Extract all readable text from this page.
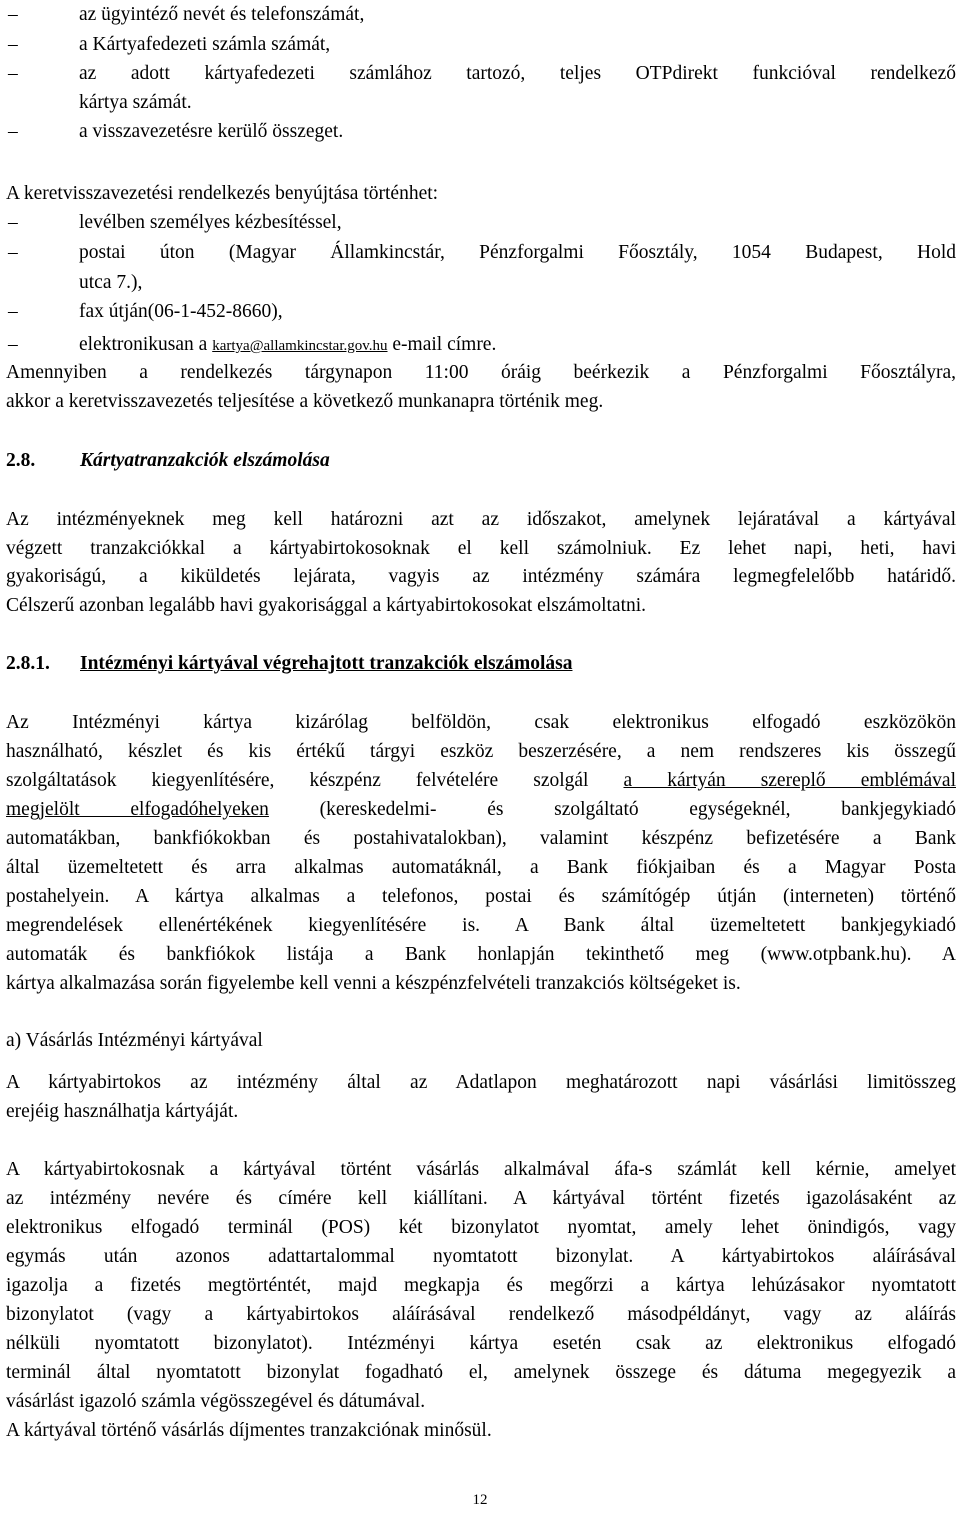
–	az ügyintéző nevét és telefonszámát,
–	a Kártyafedezeti számla számát,
–	az adott kártyafedezeti számlához tartozó, teljes OTPdirekt funkcióval rendelkező
kártya számát.
–	a visszavezetésre kerülő összeget.
A keretvisszavezetési rendelkezés benyújtása történhet:
–	levélben személyes kézbesítéssel,
–	postai úton (Magyar Államkincstár, Pénzforgalmi Főosztály, 1054 Budapest, Hold
utca 7.),
–	fax útján(06-1-452-8660),
–	elektronikusan a kartya@allamkincstar.gov.hu e-mail címre.
Amennyiben a rendelkezés tárgynapon 11:00 óráig beérkezik a Pénzforgalmi Főosztályra,
akkor a keretvisszavezetés teljesítése a következő munkanapra történik meg.
2.8. Kártyatranzakciók elszámolása
Az intézményeknek meg kell határozni azt az időszakot, amelynek lejáratával a kártyával
végzett tranzakciókkal a kártyabirtokosoknak el kell számolniuk. Ez lehet napi, heti, havi
gyakoriságú, a kiküldetés lejárata, vagyis az intézmény számára legmegfelelőbb határidő.
Célszerű azonban legalább havi gyakorisággal a kártyabirtokosokat elszámoltatni.
2.8.1. Intézményi kártyával végrehajtott tranzakciók elszámolása
Az Intézményi kártya kizárólag belföldön, csak elektronikus elfogadó eszközökön
használható, készlet és kis értékű tárgyi eszköz beszerzésére, a nem rendszeres kis összegű
szolgáltatások kiegyenlítésére, készpénz felvételére szolgál a kártyán szereplő emblémával
megjelölt elfogadóhelyeken (kereskedelmi- és szolgáltató egységeknél, bankjegykiadó
automatákban, bankfiókokban és postahivatalokban), valamint készpénz befizetésére a Bank
által üzemeltetett és arra alkalmas automatáknál, a Bank fiókjaiban és a Magyar Posta
postahelyein. A kártya alkalmas a telefonos, postai és számítógép útján (interneten) történő
megrendelések ellenértékének kiegyenlítésére is. A Bank által üzemeltetett bankjegykiadó
automaták és bankfiókok listája a Bank honlapján tekinthető meg (www.otpbank.hu). A
kártya alkalmazása során figyelembe kell venni a készpénzfelvételi tranzakciós költségeket is.
a) Vásárlás Intézményi kártyával
A kártyabirtokos az intézmény által az Adatlapon meghatározott napi vásárlási limitösszeg
erejéig használhatja kártyáját.
A kártyabirtokosnak a kártyával történt vásárlás alkalmával áfa-s számlát kell kérnie, amelyet
az intézmény nevére és címére kell kiállítani. A kártyával történt fizetés igazolásaként az
elektronikus elfogadó terminál (POS) két bizonylatot nyomtat, amely lehet önindigós, vagy
egymás után azonos adattartalommal nyomtatott bizonylat. A kártyabirtokos aláírásával
igazolja a fizetés megtörténtét, majd megkapja és megőrzi a kártya lehúzásakor nyomtatott
bizonylatot (vagy a kártyabirtokos aláírásával rendelkező másodpéldányt, vagy az aláírás
nélküli nyomtatott bizonylatot). Intézményi kártya esetén csak az elektronikus elfogadó
terminál által nyomtatott bizonylat fogadható el, amelynek összege és dátuma megegyezik a
vásárlást igazoló számla végösszegével és dátumával.
A kártyával történő vásárlás díjmentes tranzakciónak minősül.
12
